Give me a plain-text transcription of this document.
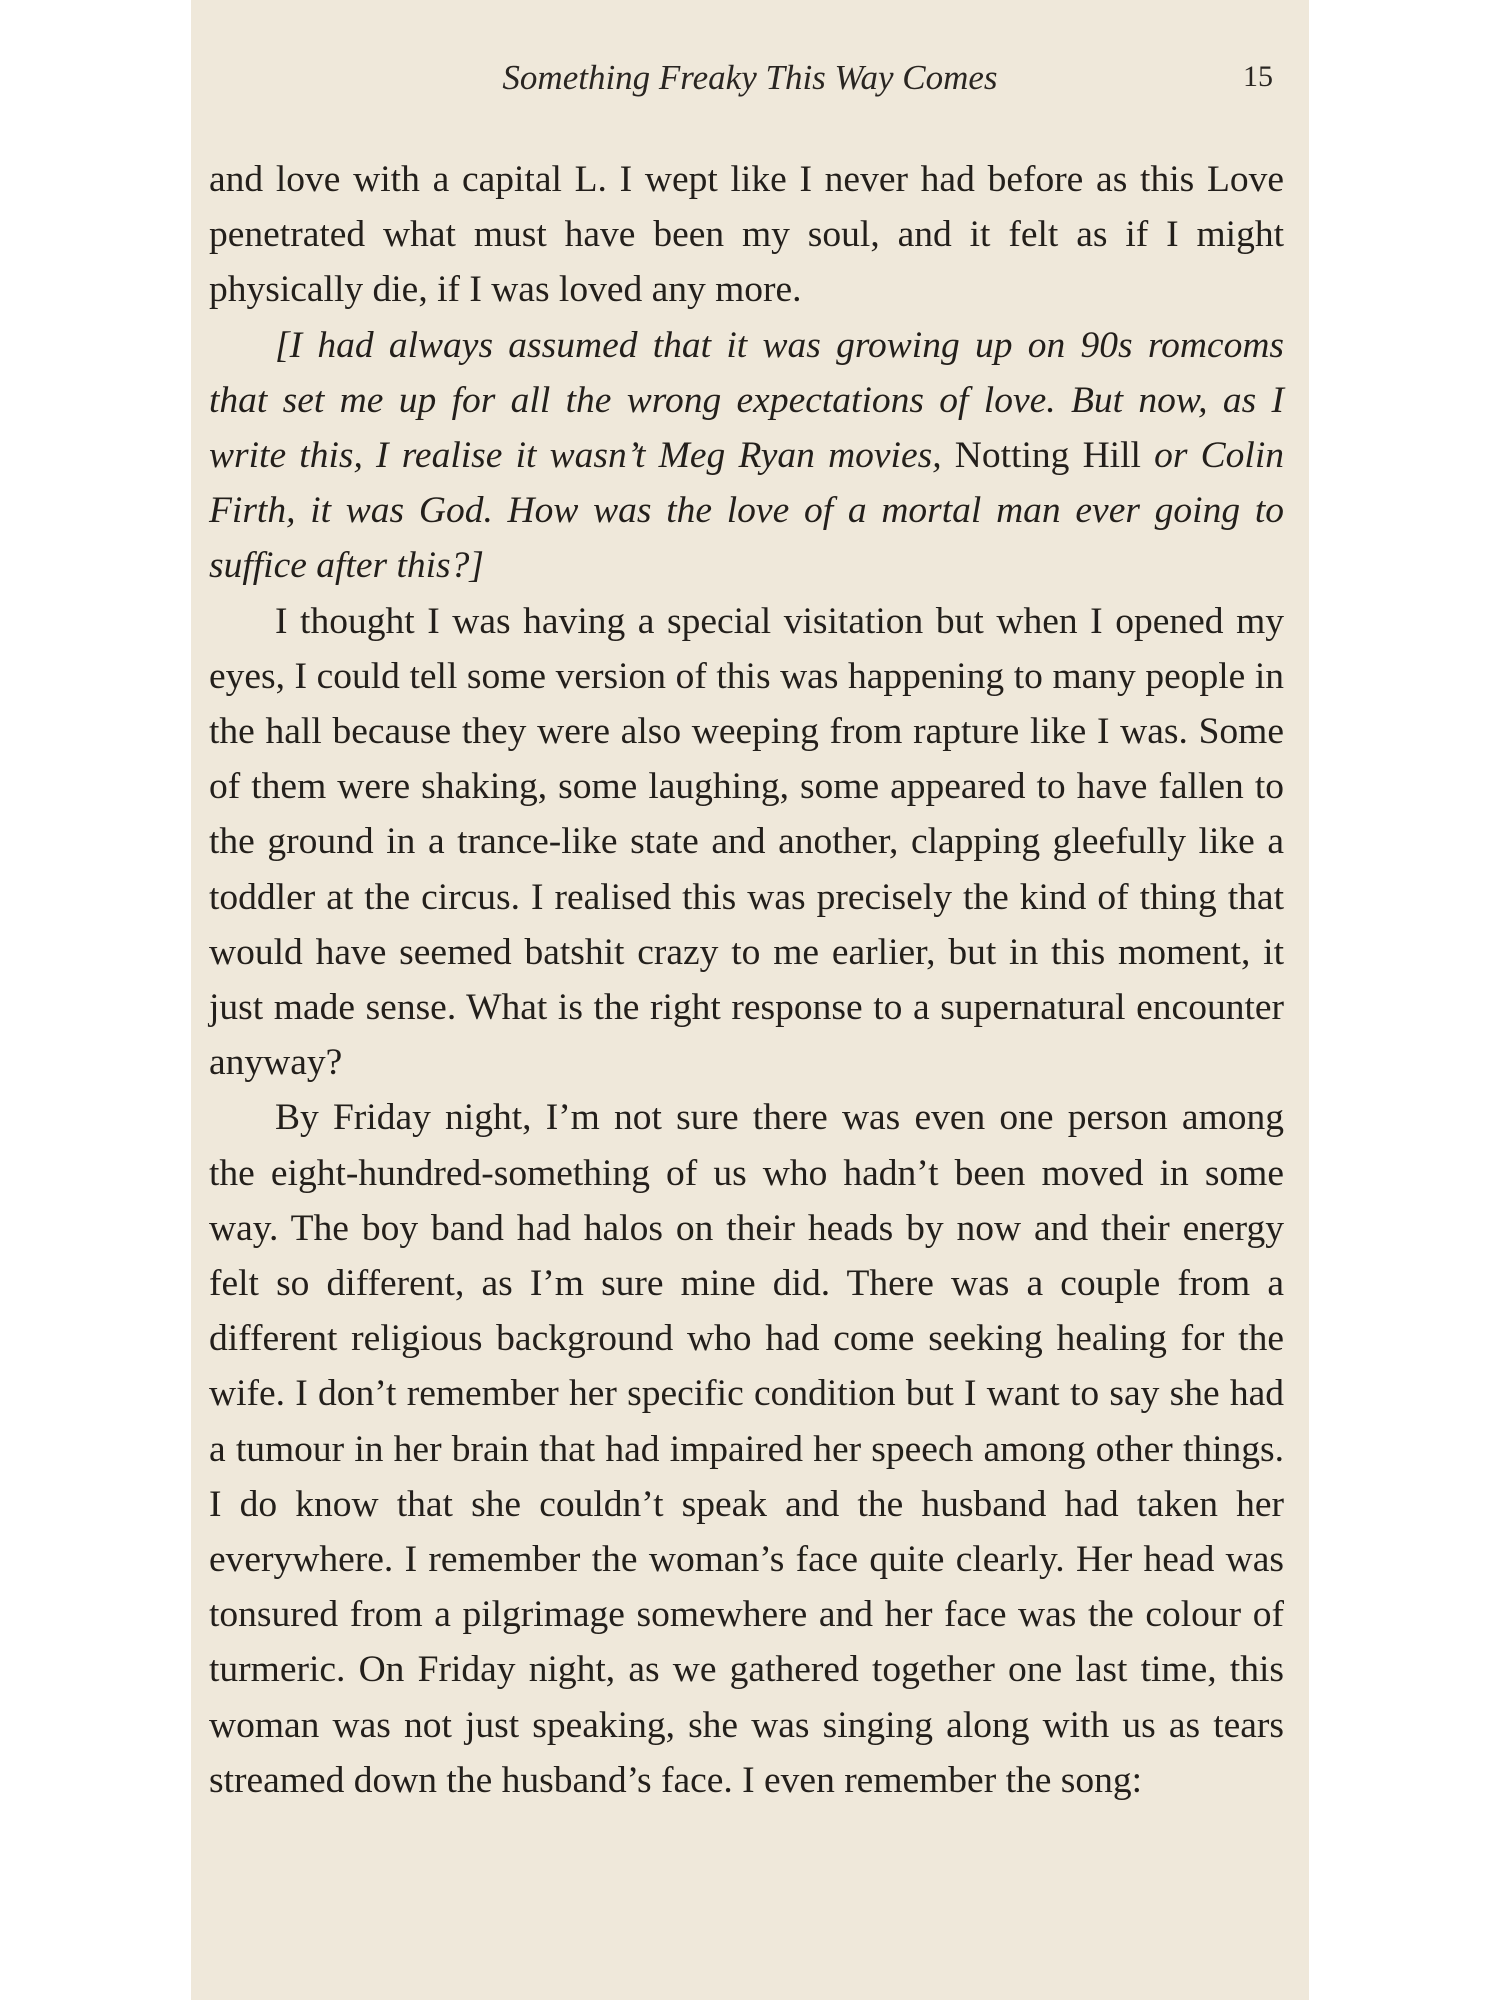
Something Freaky This Way Comes	15

and love with a capital L. I wept like I never had before as this Love penetrated what must have been my soul, and it felt as if I might physically die, if I was loved any more.

[I had always assumed that it was growing up on 90s romcoms that set me up for all the wrong expectations of love. But now, as I write this, I realise it wasn’t Meg Ryan movies, Notting Hill or Colin Firth, it was God. How was the love of a mortal man ever going to suffice after this?]

I thought I was having a special visitation but when I opened my eyes, I could tell some version of this was happening to many people in the hall because they were also weeping from rapture like I was. Some of them were shaking, some laughing, some appeared to have fallen to the ground in a trance-like state and another, clapping gleefully like a toddler at the circus. I realised this was precisely the kind of thing that would have seemed batshit crazy to me earlier, but in this moment, it just made sense. What is the right response to a supernatural encounter anyway?

By Friday night, I’m not sure there was even one person among the eight-hundred-something of us who hadn’t been moved in some way. The boy band had halos on their heads by now and their energy felt so different, as I’m sure mine did. There was a couple from a different religious background who had come seeking healing for the wife. I don’t remember her specific condition but I want to say she had a tumour in her brain that had impaired her speech among other things. I do know that she couldn’t speak and the husband had taken her everywhere. I remember the woman’s face quite clearly. Her head was tonsured from a pilgrimage somewhere and her face was the colour of turmeric. On Friday night, as we gathered together one last time, this woman was not just speaking, she was singing along with us as tears streamed down the husband’s face. I even remember the song:
